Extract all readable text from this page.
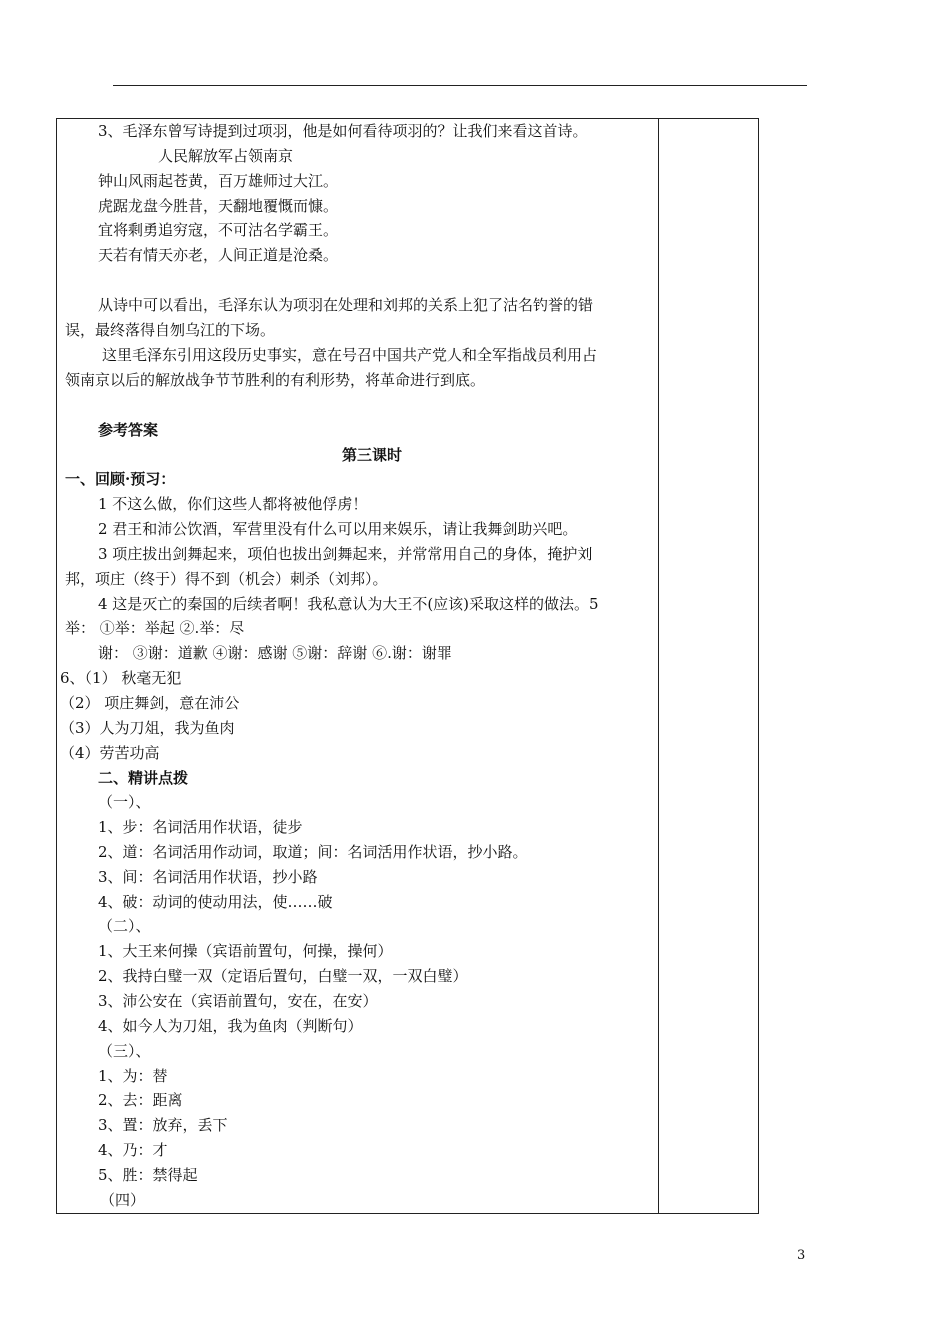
3、毛泽东曾写诗提到过项羽，他是如何看待项羽的？让我们来看这首诗。
人民解放军占领南京
钟山风雨起苍黄，百万雄师过大江。
虎踞龙盘今胜昔，天翻地覆慨而慷。
宜将剩勇追穷寇，不可沽名学霸王。
天若有情天亦老，人间正道是沧桑。
从诗中可以看出，毛泽东认为项羽在处理和刘邦的关系上犯了沽名钓誉的错
误，最终落得自刎乌江的下场。
这里毛泽东引用这段历史事实，意在号召中国共产党人和全军指战员利用占
领南京以后的解放战争节节胜利的有利形势，将革命进行到底。
参考答案
第三课时
一、回顾·预习：
1 不这么做，你们这些人都将被他俘虏！
2 君王和沛公饮酒，军营里没有什么可以用来娱乐，请让我舞剑助兴吧。
3 项庄拔出剑舞起来，项伯也拔出剑舞起来，并常常用自己的身体，掩护刘
邦，项庄（终于）得不到（机会）刺杀（刘邦）。
4 这是灭亡的秦国的后续者啊！我私意认为大王不(应该)采取这样的做法。5
举： ①举：举起 ②.举：尽
谢： ③谢：道歉 ④谢：感谢 ⑤谢：辞谢 ⑥.谢：谢罪
6、（1） 秋毫无犯
（2） 项庄舞剑，意在沛公
（3）人为刀俎，我为鱼肉
（4）劳苦功高
二、精讲点拨
（一）、
1、步：名词活用作状语，徒步
2、道：名词活用作动词，取道；间：名词活用作状语，抄小路。
3、间：名词活用作状语，抄小路
4、破：动词的使动用法，使……破
（二）、
1、大王来何操（宾语前置句，何操，操何）
2、我持白璧一双（定语后置句，白璧一双，一双白璧）
3、沛公安在（宾语前置句，安在，在安）
4、如今人为刀俎，我为鱼肉（判断句）
（三）、
1、为：替
2、去：距离
3、置：放弃，丢下
4、乃：才
5、胜：禁得起
（四）
3
